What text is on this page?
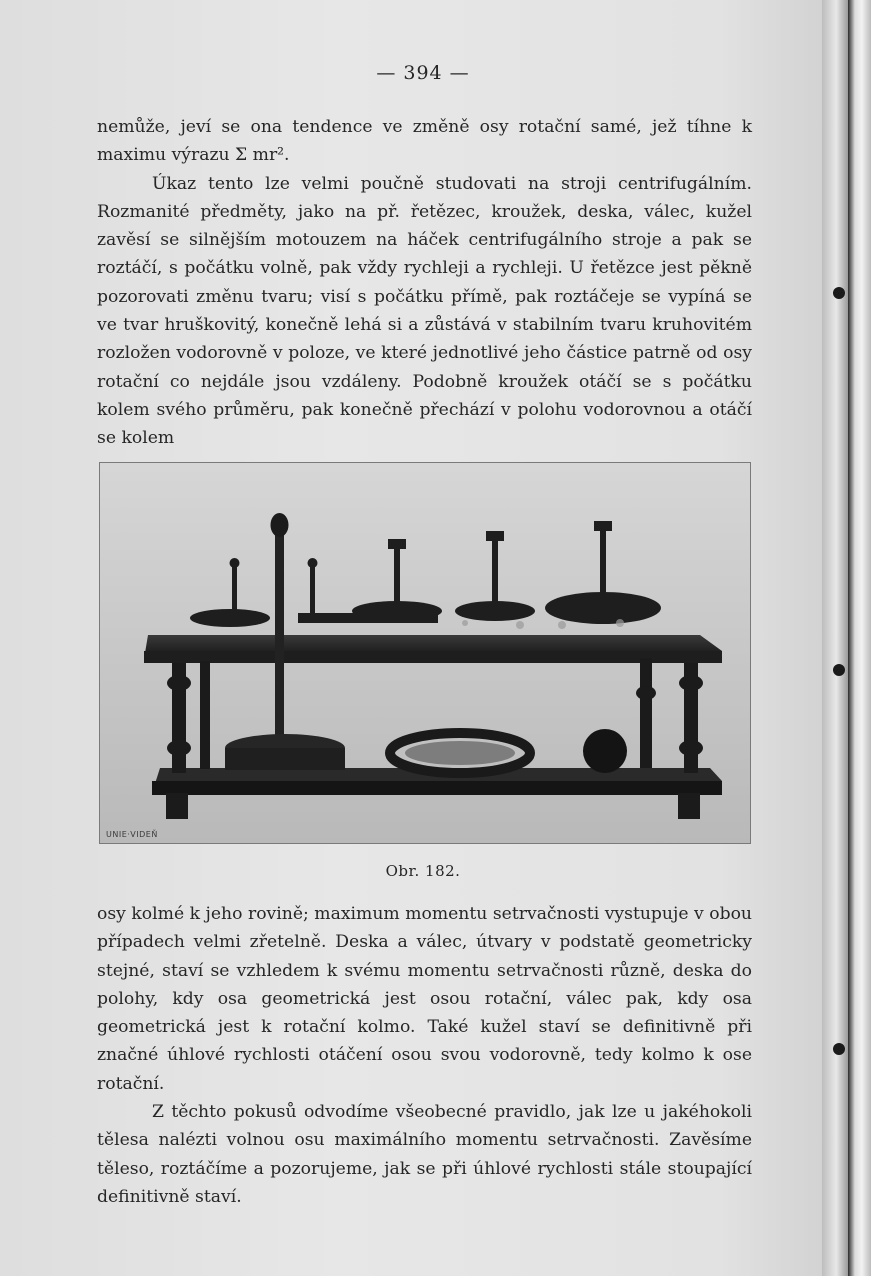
— 394 —

nemůže, jeví se ona tendence ve změně osy rotační samé, jež tíhne k maximu výrazu Σ mr².

Úkaz tento lze velmi poučně studovati na stroji centrifugálním. Rozmanité předměty, jako na př. řetězec, kroužek, deska, válec, kužel zavěsí se silnějším motouzem na háček centrifugálního stroje a pak se roztáčí, s počátku volně, pak vždy rychleji a rychleji. U řetězce jest pěkně pozorovati změnu tvaru; visí s počátku přímě, pak roztáčeje se vypíná se ve tvar hruškovitý, konečně lehá si a zůstává v stabilním tvaru kruhovitém rozložen vodorovně v poloze, ve které jednotlivé jeho částice patrně od osy rotační co nejdále jsou vzdáleny. Podobně kroužek otáčí se s počátku kolem svého průměru, pak konečně přechází v polohu vodorovnou a otáčí se kolem

UNIE·VIDEŇ
Obr. 182.

osy kolmé k jeho rovině; maximum momentu setrvačnosti vystupuje v obou případech velmi zřetelně. Deska a válec, útvary v podstatě geometricky stejné, staví se vzhledem k svému momentu setrvačnosti různě, deska do polohy, kdy osa geometrická jest osou rotační, válec pak, kdy osa geometrická jest k rotační kolmo. Také kužel staví se definitivně při značné úhlové rychlosti otáčení osou svou vodorovně, tedy kolmo k ose rotační.

Z těchto pokusů odvodíme všeobecné pravidlo, jak lze u jakéhokoli tělesa nalézti volnou osu maximálního momentu setrvačnosti. Zavěsíme těleso, roztáčíme a pozorujeme, jak se při úhlové rychlosti stále stoupající definitivně staví.
